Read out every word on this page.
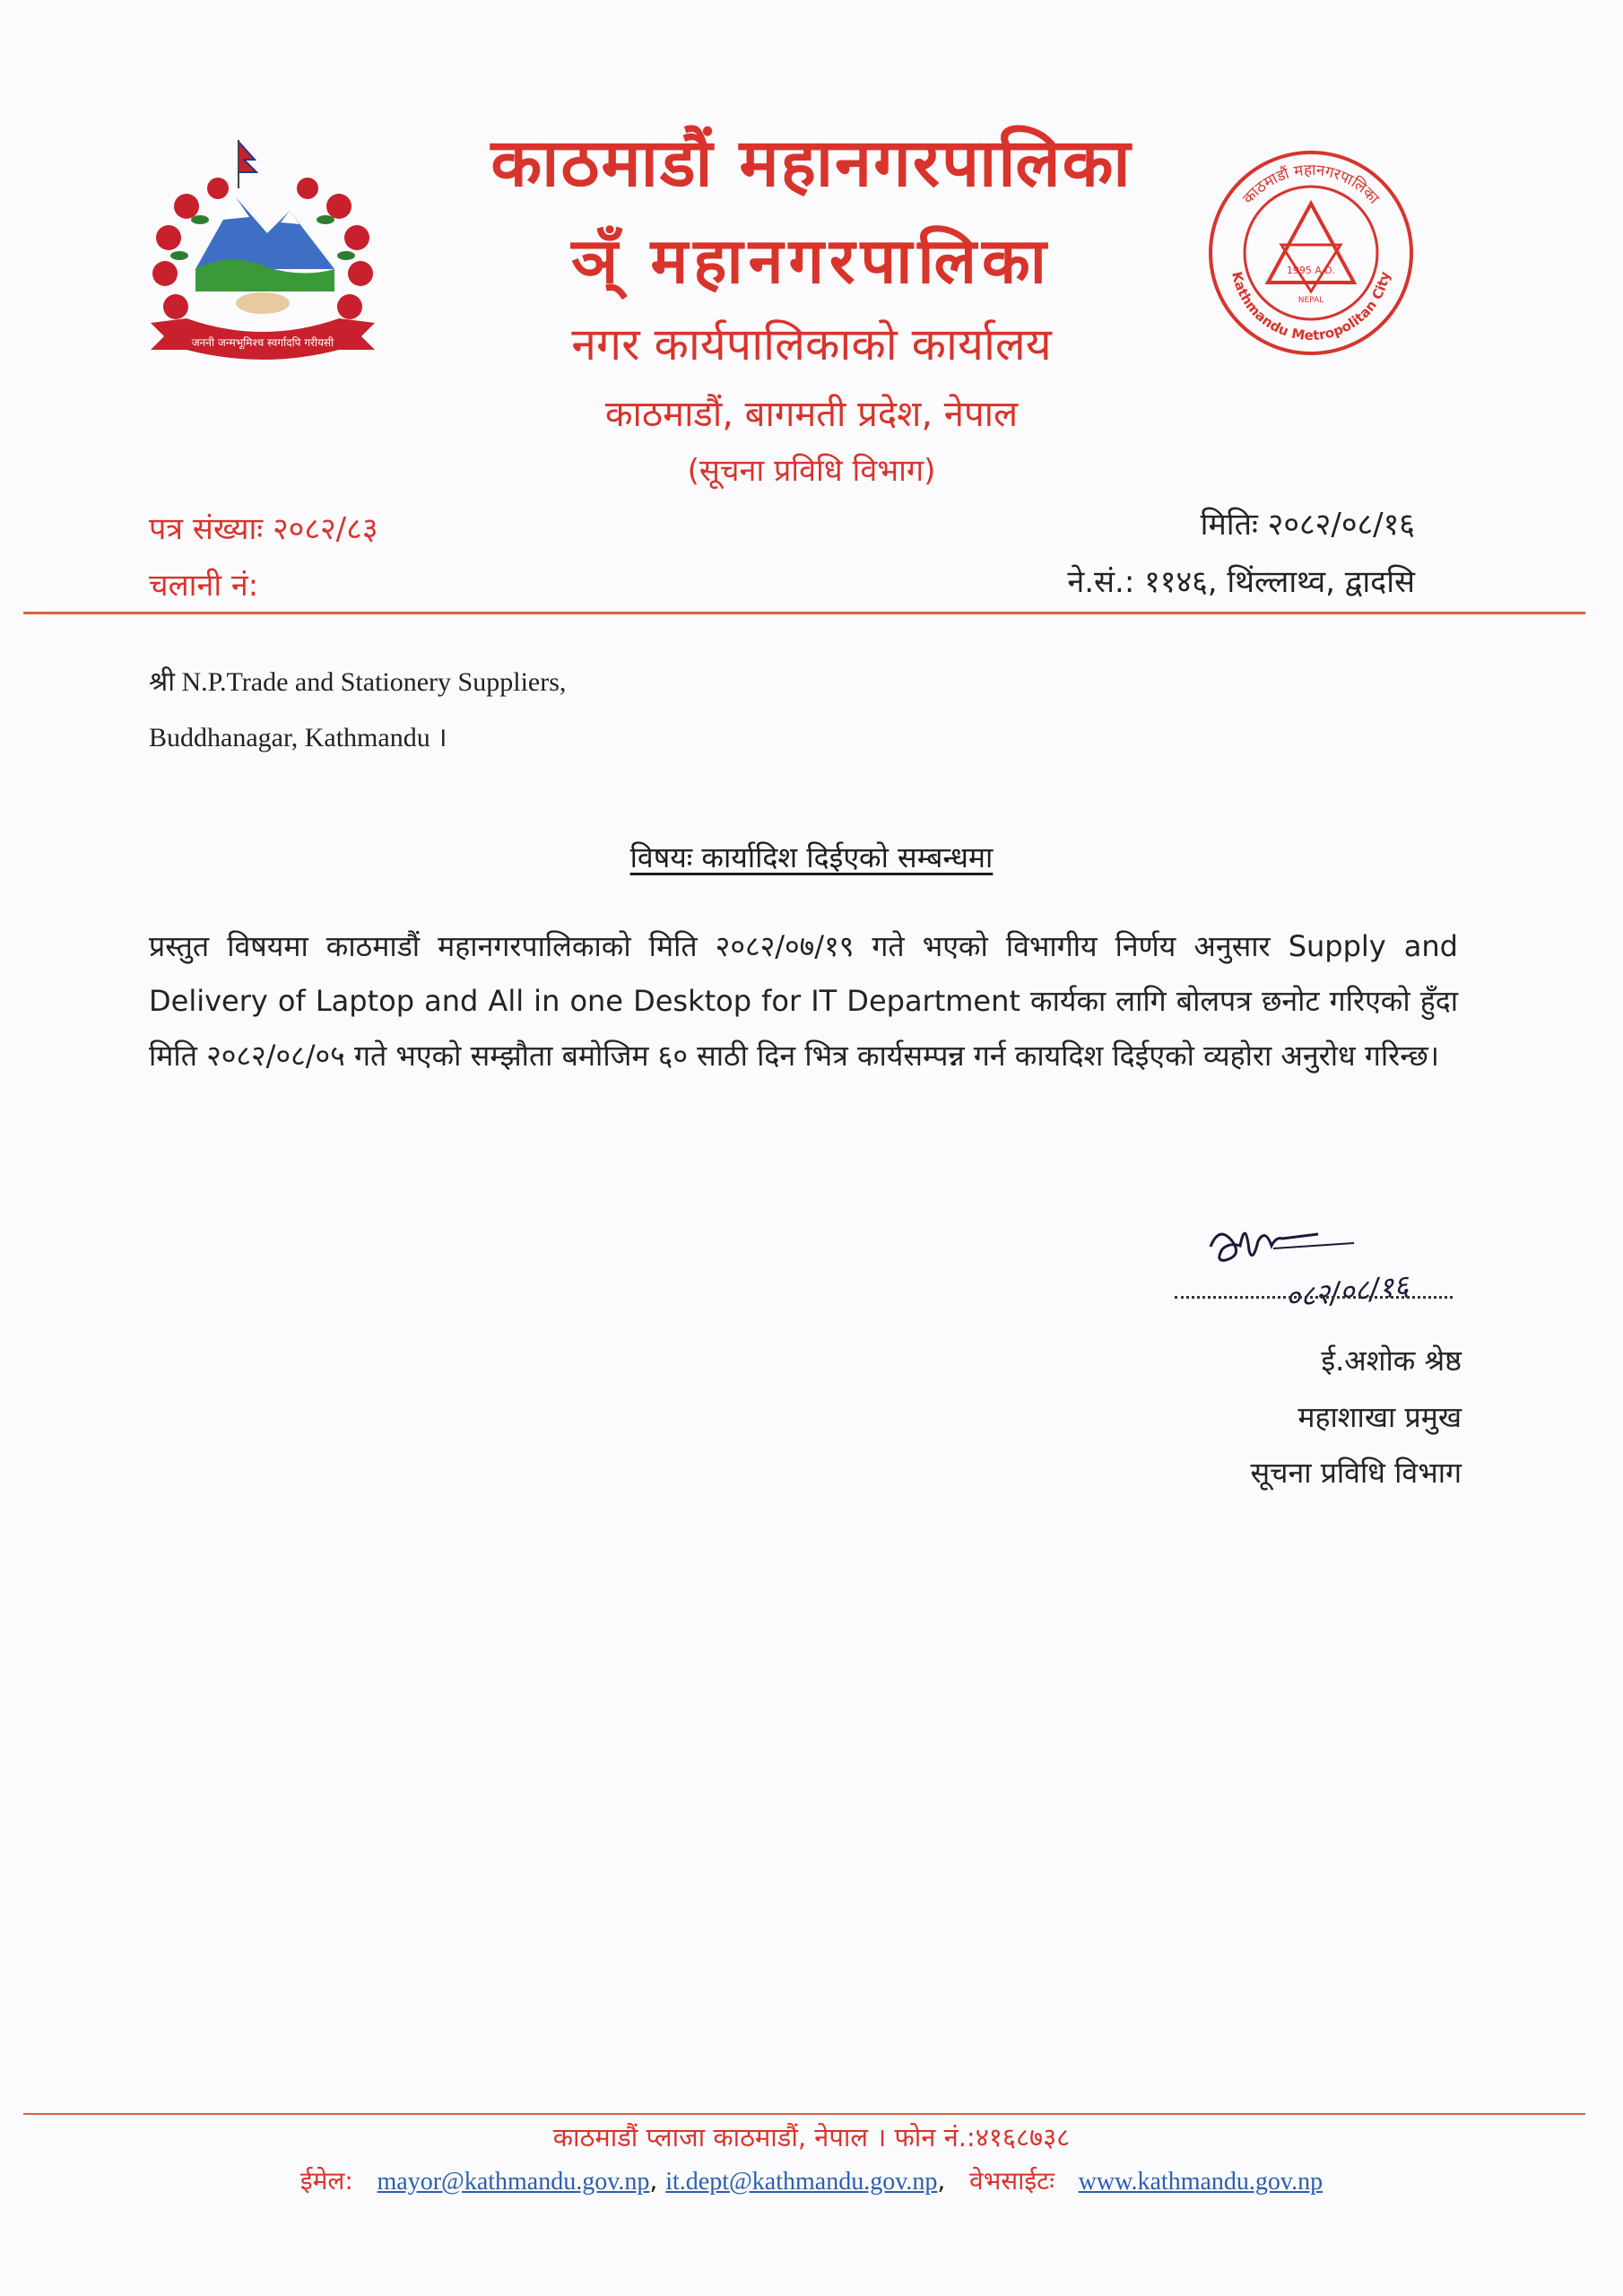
जननी जन्मभूमिश्च स्वर्गादपि गरीयसी
काठमाडौं महानगरपालिका
ञ्ँ महानगरपालिका
नगर कार्यपालिकाको कार्यालय
काठमाडौं, बागमती प्रदेश, नेपाल
(सूचना प्रविधि विभाग)
काठमाडौं महानगरपालिका
Kathmandu Metropolitan City
1995 A.D.
NEPAL
पत्र संख्याः २०८२/८३
चलानी नं:
मितिः २०८२/०८/१६
ने.सं.: ११४६, थिंल्लाथ्व, द्वादसि
श्री N.P.Trade and Stationery Suppliers,
Buddhanagar, Kathmandu ।
विषयः कार्यादिश दिईएको सम्बन्धमा
प्रस्तुत विषयमा काठमाडौं महानगरपालिकाको मिति २०८२/०७/१९ गते भएको विभागीय निर्णय अनुसार Supply and Delivery of Laptop and All in one Desktop for IT Department कार्यका लागि बोलपत्र छनोट गरिएको हुँदा मिति २०८२/०८/०५ गते भएको सम्झौता बमोजिम ६० साठी दिन भित्र कार्यसम्पन्न गर्न कायदिश दिईएको व्यहोरा अनुरोध गरिन्छ।
०८२/०८/१६
ई.अशोक श्रेष्ठ
महाशाखा प्रमुख
सूचना प्रविधि विभाग
काठमाडौं प्लाजा काठमाडौं, नेपाल । फोन नं.:४१६८७३८
ईमेल: mayor@kathmandu.gov.np, it.dept@kathmandu.gov.np,   वेभसाईटः www.kathmandu.gov.np
